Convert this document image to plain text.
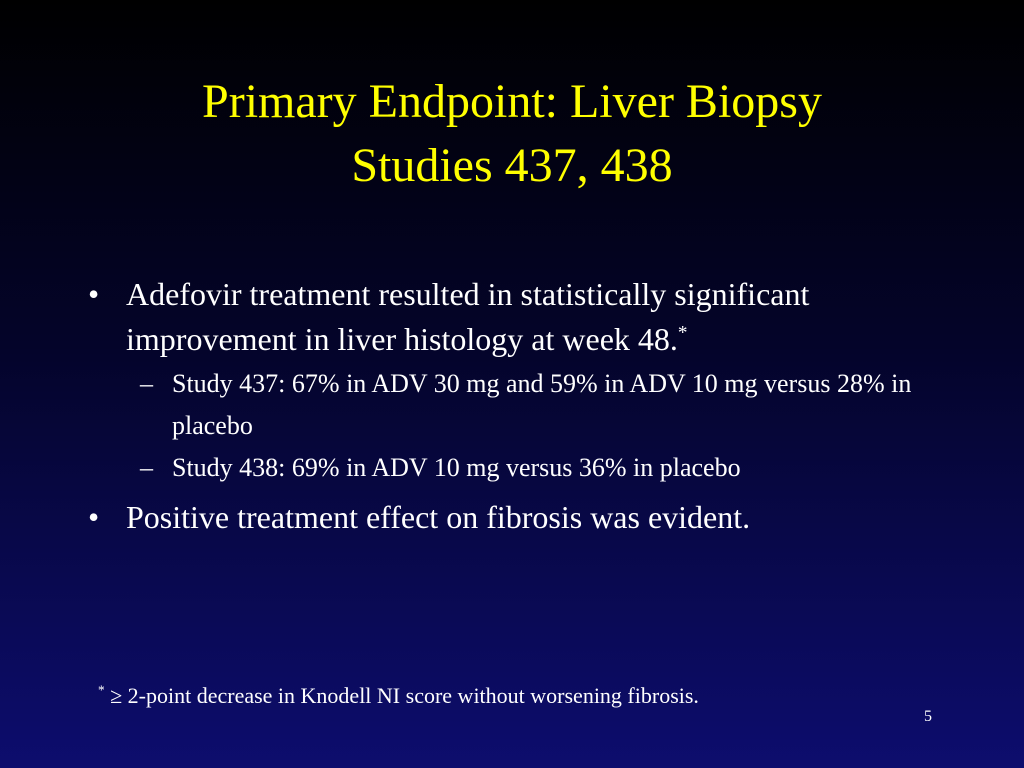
Primary Endpoint: Liver Biopsy
Studies 437, 438
• Adefovir treatment resulted in statistically significant improvement in liver histology at week 48.*
– Study 437: 67% in ADV 30 mg and 59% in ADV 10 mg versus 28% in placebo
– Study 438: 69% in ADV 10 mg versus 36% in placebo
• Positive treatment effect on fibrosis was evident.
* ≥ 2-point decrease in Knodell NI score without worsening fibrosis.
5
